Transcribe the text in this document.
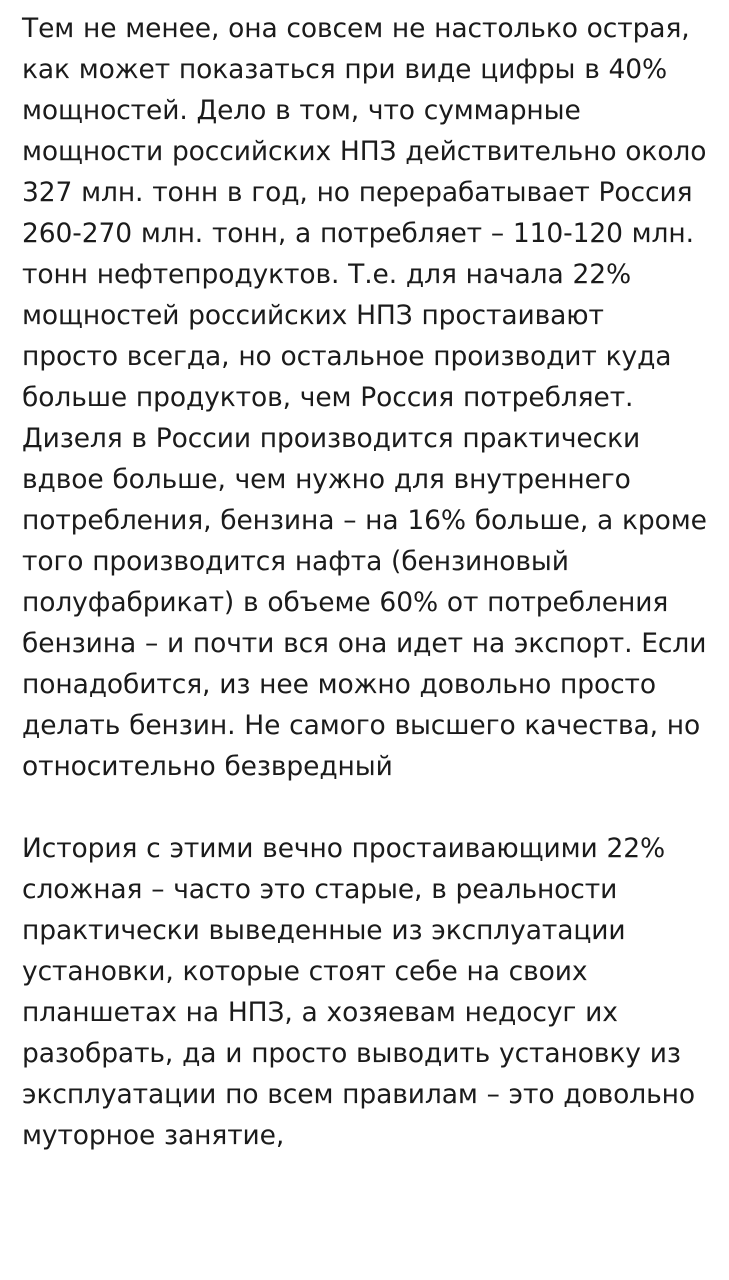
Тем не менее, она совсем не настолько острая, как может показаться при виде цифры в 40% мощностей. Дело в том, что суммарные мощности российских НПЗ действительно около 327 млн. тонн в год, но перерабатывает Россия 260-270 млн. тонн, а потребляет – 110-120 млн. тонн нефтепродуктов. Т.е. для начала 22% мощностей российских НПЗ простаивают просто всегда, но остальное производит куда больше продуктов, чем Россия потребляет. Дизеля в России производится практически вдвое больше, чем нужно для внутреннего потребления, бензина – на 16% больше, а кроме того производится нафта (бензиновый полуфабрикат) в объеме 60% от потребления бензина – и почти вся она идет на экспорт. Если понадобится, из нее можно довольно просто делать бензин. Не самого высшего качества, но относительно безвредный

История с этими вечно простаивающими 22% сложная – часто это старые, в реальности практически выведенные из эксплуатации установки, которые стоят себе на своих планшетах на НПЗ, а хозяевам недосуг их разобрать, да и просто выводить установку из эксплуатации по всем правилам – это довольно муторное занятие,
